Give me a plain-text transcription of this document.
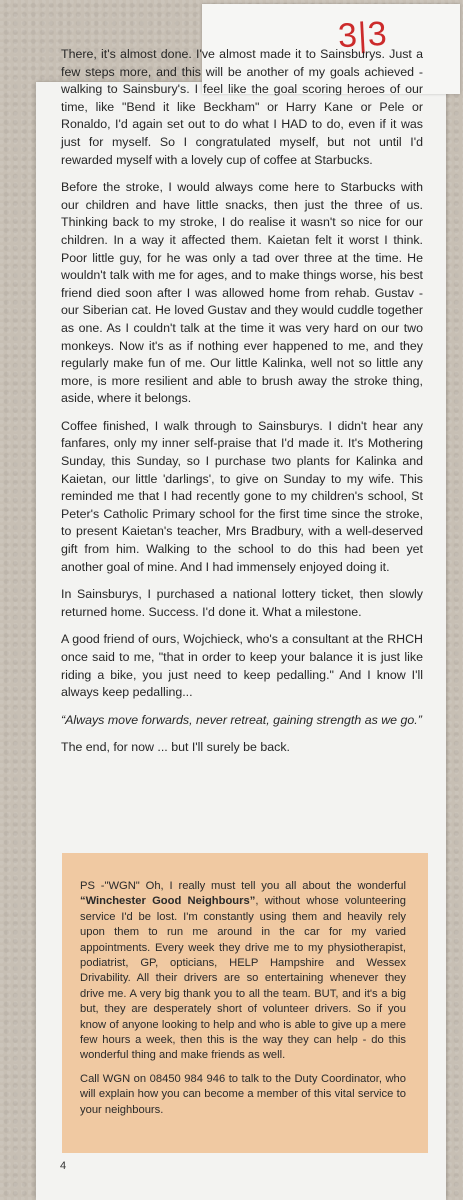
3|3

There, it's almost done. I've almost made it to Sainsburys. Just a few steps more, and this will be another of my goals achieved - walking to Sainsbury's. I feel like the goal scoring heroes of our time, like "Bend it like Beckham" or Harry Kane or Pele or Ronaldo, I'd again set out to do what I HAD to do, even if it was just for myself. So I congratulated myself, but not until I'd rewarded myself with a lovely cup of coffee at Starbucks.

Before the stroke, I would always come here to Starbucks with our children and have little snacks, then just the three of us. Thinking back to my stroke, I do realise it wasn't so nice for our children. In a way it affected them. Kaietan felt it worst I think. Poor little guy, for he was only a tad over three at the time. He wouldn't talk with me for ages, and to make things worse, his best friend died soon after I was allowed home from rehab. Gustav - our Siberian cat. He loved Gustav and they would cuddle together as one. As I couldn't talk at the time it was very hard on our two monkeys. Now it's as if nothing ever happened to me, and they regularly make fun of me. Our little Kalinka, well not so little any more, is more resilient and able to brush away the stroke thing, aside, where it belongs.

Coffee finished, I walk through to Sainsburys. I didn't hear any fanfares, only my inner self-praise that I'd made it. It's Mothering Sunday, this Sunday, so I purchase two plants for Kalinka and Kaietan, our little 'darlings', to give on Sunday to my wife. This reminded me that I had recently gone to my children's school, St Peter's Catholic Primary school for the first time since the stroke, to present Kaietan's teacher, Mrs Bradbury, with a well-deserved gift from him. Walking to the school to do this had been yet another goal of mine. And I had immensely enjoyed doing it.

In Sainsburys, I purchased a national lottery ticket, then slowly returned home. Success. I'd done it. What a milestone.

A good friend of ours, Wojchieck, who's a consultant at the RHCH once said to me, "that in order to keep your balance it is just like riding a bike, you just need to keep pedalling." And I know I'll always keep pedalling...

“Always move forwards, never retreat, gaining strength as we go.”

The end, for now ... but I'll surely be back.

PS -"WGN" Oh, I really must tell you all about the wonderful “Winchester Good Neighbours”, without whose volunteering service I'd be lost. I'm constantly using them and heavily rely upon them to run me around in the car for my varied appointments. Every week they drive me to my physiotherapist, podiatrist, GP, opticians, HELP Hampshire and Wessex Drivability. All their drivers are so entertaining whenever they drive me. A very big thank you to all the team. BUT, and it's a big but, they are desperately short of volunteer drivers. So if you know of anyone looking to help and who is able to give up a mere few hours a week, then this is the way they can help - do this wonderful thing and make friends as well.

Call WGN on 08450 984 946 to talk to the Duty Coordinator, who will explain how you can become a member of this vital service to your neighbours.

4
